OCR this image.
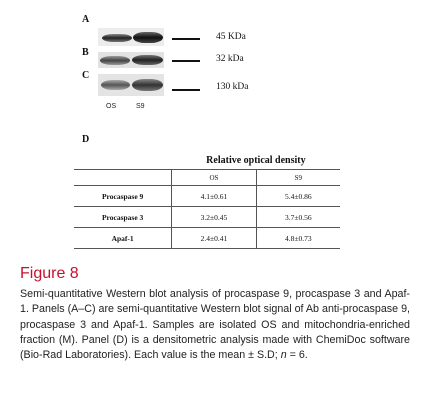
A
45 KDa
B
32 kDa
C
130 kDa
OS	S9
D
	Relative optical density	
	OS	S9
Procaspase 9	4.1±0.61	5.4±0.86
Procaspase 3	3.2±0.45	3.7±0.56
Apaf-1	2.4±0.41	4.8±0.73
Figure 8
Semi-quantitative Western blot analysis of procaspase 9, procaspase 3 and Apaf-1. Panels (A–C) are semi-quantitative Western blot signal of Ab anti-procaspase 9, procaspase 3 and Apaf-1. Samples are isolated OS and mitochondria-enriched fraction (M). Panel (D) is a densitometric analysis made with ChemiDoc software (Bio-Rad Laboratories). Each value is the mean ± S.D; n = 6.
